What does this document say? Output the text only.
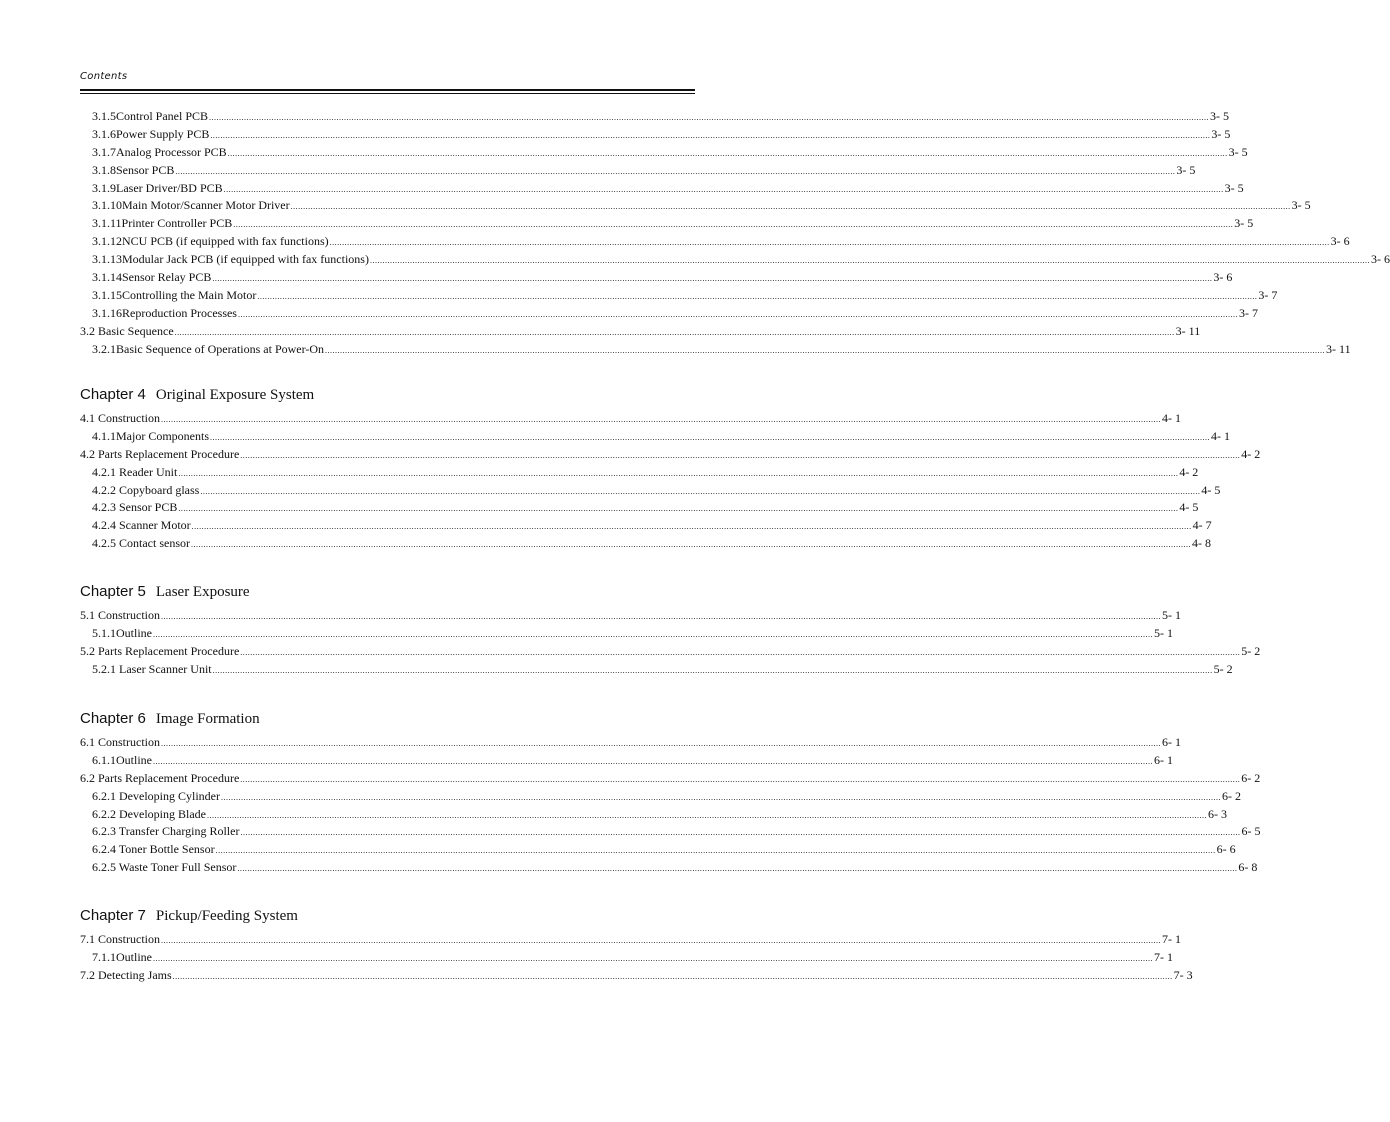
Contents
3.1.5Control Panel PCB ................................................................................................................................................................................................................................................................................................................................................................................................................ 3- 5
3.1.6Power Supply PCB ................................................................................................................................................................................................................................................................................................................................................................................................................ 3- 5
3.1.7Analog Processor PCB ................................................................................................................................................................................................................................................................................................................................................................................................................ 3- 5
3.1.8Sensor PCB ................................................................................................................................................................................................................................................................................................................................................................................................................ 3- 5
3.1.9Laser Driver/BD PCB ................................................................................................................................................................................................................................................................................................................................................................................................................ 3- 5
3.1.10Main Motor/Scanner Motor Driver ................................................................................................................................................................................................................................................................................................................................................................................................................ 3- 5
3.1.11Printer Controller PCB ................................................................................................................................................................................................................................................................................................................................................................................................................ 3- 5
3.1.12NCU PCB (if equipped with fax functions) ................................................................................................................................................................................................................................................................................................................................................................................................................ 3- 6
3.1.13Modular Jack PCB (if equipped with fax functions) ................................................................................................................................................................................................................................................................................................................................................................................................................ 3- 6
3.1.14Sensor Relay PCB ................................................................................................................................................................................................................................................................................................................................................................................................................ 3- 6
3.1.15Controlling the Main Motor ................................................................................................................................................................................................................................................................................................................................................................................................................ 3- 7
3.1.16Reproduction Processes ................................................................................................................................................................................................................................................................................................................................................................................................................ 3- 7
3.2 Basic Sequence ................................................................................................................................................................................................................................................................................................................................................................................................................ 3- 11
3.2.1Basic Sequence of Operations at Power-On ................................................................................................................................................................................................................................................................................................................................................................................................................ 3- 11
Chapter 4 Original Exposure System
4.1 Construction ................................................................................................................................................................................................................................................................................................................................................................................................................ 4- 1
4.1.1Major Components ................................................................................................................................................................................................................................................................................................................................................................................................................ 4- 1
4.2 Parts Replacement Procedure ................................................................................................................................................................................................................................................................................................................................................................................................................ 4- 2
4.2.1 Reader Unit ................................................................................................................................................................................................................................................................................................................................................................................................................ 4- 2
4.2.2 Copyboard glass ................................................................................................................................................................................................................................................................................................................................................................................................................ 4- 5
4.2.3 Sensor PCB ................................................................................................................................................................................................................................................................................................................................................................................................................ 4- 5
4.2.4 Scanner Motor ................................................................................................................................................................................................................................................................................................................................................................................................................ 4- 7
4.2.5 Contact sensor ................................................................................................................................................................................................................................................................................................................................................................................................................ 4- 8
Chapter 5 Laser Exposure
5.1 Construction ................................................................................................................................................................................................................................................................................................................................................................................................................ 5- 1
5.1.1Outline ................................................................................................................................................................................................................................................................................................................................................................................................................ 5- 1
5.2 Parts Replacement Procedure ................................................................................................................................................................................................................................................................................................................................................................................................................ 5- 2
5.2.1 Laser Scanner Unit ................................................................................................................................................................................................................................................................................................................................................................................................................ 5- 2
Chapter 6 Image Formation
6.1 Construction ................................................................................................................................................................................................................................................................................................................................................................................................................ 6- 1
6.1.1Outline ................................................................................................................................................................................................................................................................................................................................................................................................................ 6- 1
6.2 Parts Replacement Procedure ................................................................................................................................................................................................................................................................................................................................................................................................................ 6- 2
6.2.1 Developing Cylinder ................................................................................................................................................................................................................................................................................................................................................................................................................ 6- 2
6.2.2 Developing Blade ................................................................................................................................................................................................................................................................................................................................................................................................................ 6- 3
6.2.3 Transfer Charging Roller ................................................................................................................................................................................................................................................................................................................................................................................................................ 6- 5
6.2.4 Toner Bottle Sensor ................................................................................................................................................................................................................................................................................................................................................................................................................ 6- 6
6.2.5 Waste Toner Full Sensor ................................................................................................................................................................................................................................................................................................................................................................................................................ 6- 8
Chapter 7 Pickup/Feeding System
7.1 Construction ................................................................................................................................................................................................................................................................................................................................................................................................................ 7- 1
7.1.1Outline ................................................................................................................................................................................................................................................................................................................................................................................................................ 7- 1
7.2 Detecting Jams ................................................................................................................................................................................................................................................................................................................................................................................................................ 7- 3
